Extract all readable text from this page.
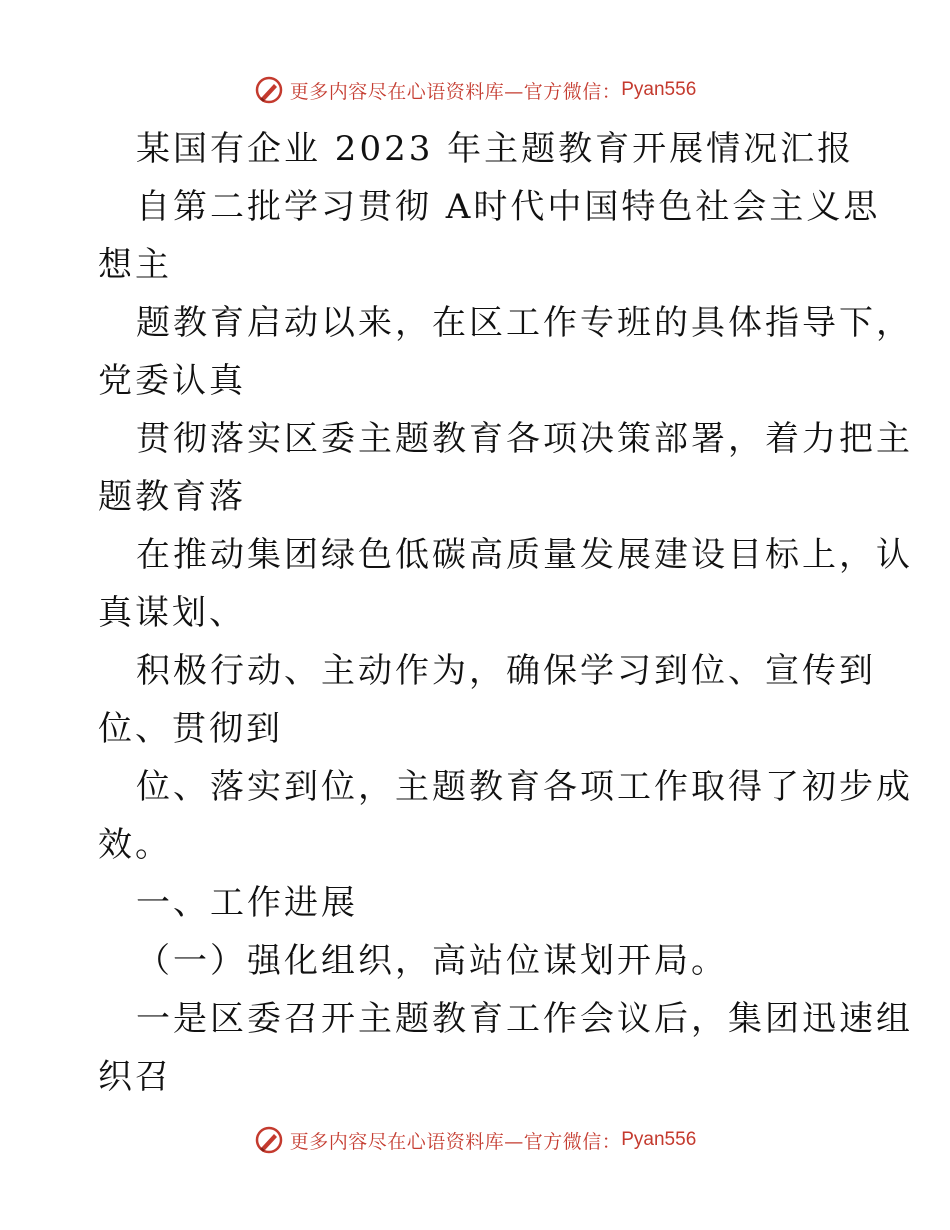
更多内容尽在心语资料库—官方微信： Pyan556
某国有企业 2023 年主题教育开展情况汇报
自第二批学习贯彻 A时代中国特色社会主义思
想主
题教育启动以来，在区工作专班的具体指导下，
党委认真
贯彻落实区委主题教育各项决策部署，着力把主
题教育落
在推动集团绿色低碳高质量发展建设目标上，认
真谋划、
积极行动、主动作为，确保学习到位、宣传到
位、贯彻到
位、落实到位，主题教育各项工作取得了初步成
效。
一、工作进展
（一）强化组织，高站位谋划开局。
一是区委召开主题教育工作会议后，集团迅速组
织召
更多内容尽在心语资料库—官方微信： Pyan556
